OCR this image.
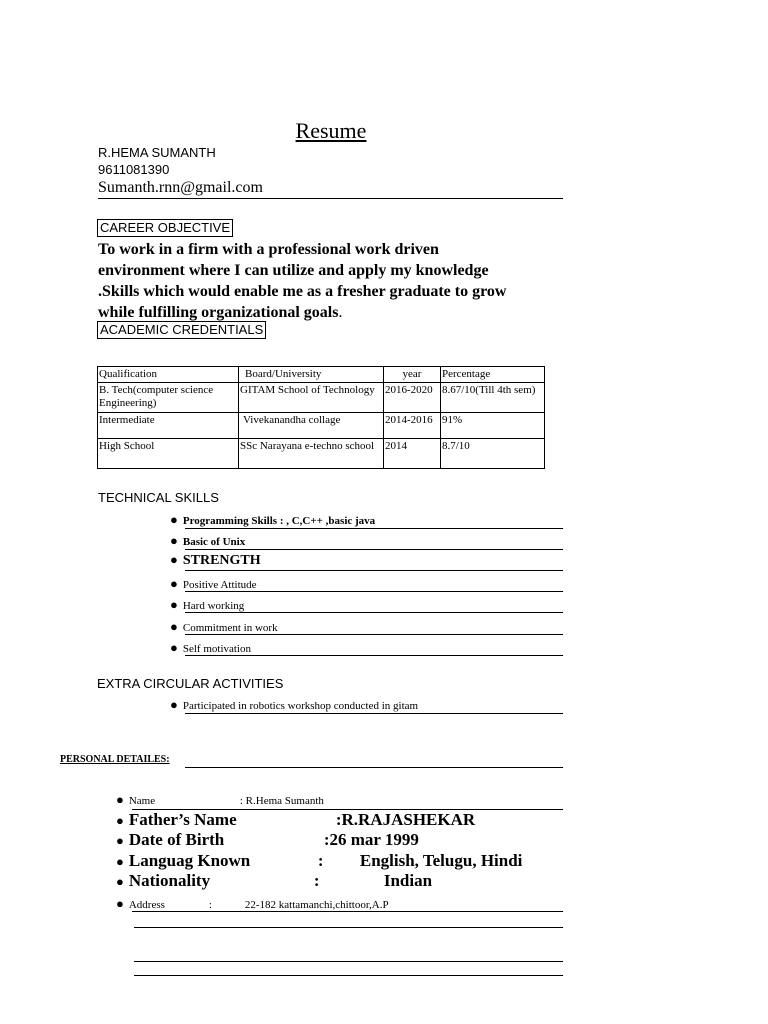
Resume
R.HEMA SUMANTH
9611081390
Sumanth.rnn@gmail.com
CAREER OBJECTIVE
To work in a firm with a professional work driven
environment where I can utilize and apply my knowledge
.Skills which would enable me as a fresher graduate to grow
while fulfilling organizational goals.
ACADEMIC CREDENTIALS
Qualification	Board/University	year	Percentage
B. Tech(computer science Engineering)	GITAM School of Technology	2016-2020	8.67/10(Till 4th sem)
Intermediate	Vivekanandha collage	2014-2016	91%
High School	SSc Narayana e-techno school	2014	8.7/10
TECHNICAL SKILLS
● Programming Skills : , C,C++ ,basic java
● Basic of Unix
● STRENGTH
● Positive Attitude
● Hard working
● Commitment in work
● Self motivation
EXTRA CIRCULAR ACTIVITIES
● Participated in robotics workshop conducted in gitam
PERSONAL DETAILES:
● Name	: R.Hema Sumanth
● Father’s Name	:R.RAJASHEKAR
● Date of Birth	:26 mar 1999
● Languag Known	: English, Telugu, Hindi
● Nationality	:	Indian
● Address	:	22-182 kattamanchi,chittoor,A.P
